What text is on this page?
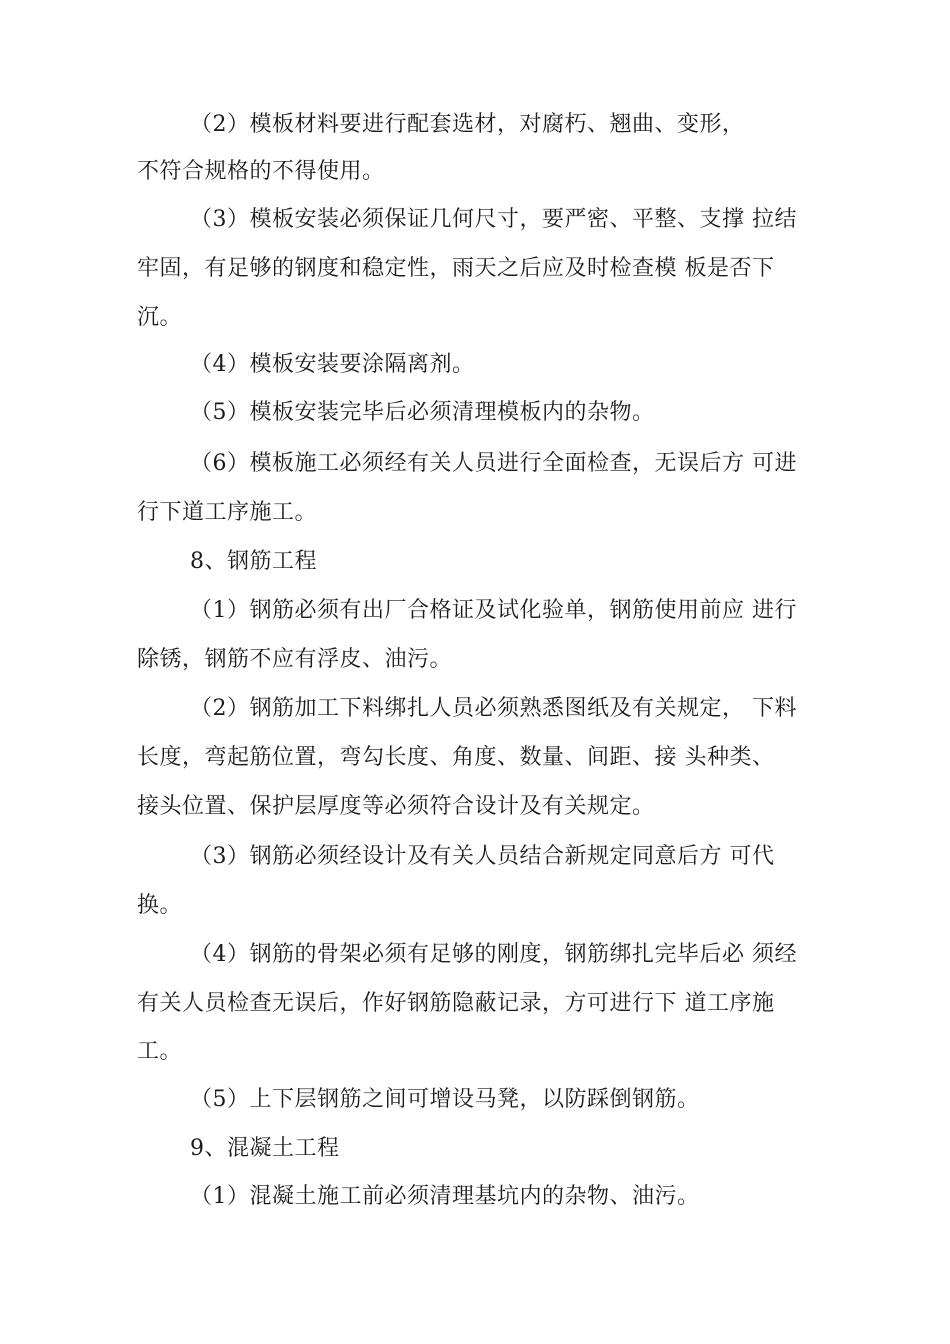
（2）模板材料要进行配套选材，对腐朽、翘曲、变形，
不符合规格的不得使用。
（3）模板安装必须保证几何尺寸，要严密、平整、支撑 拉结
牢固，有足够的钢度和稳定性，雨天之后应及时检查模 板是否下
沉。
（4）模板安装要涂隔离剂。
（5）模板安装完毕后必须清理模板内的杂物。
（6）模板施工必须经有关人员进行全面检查，无误后方 可进
行下道工序施工。
8、钢筋工程
（1）钢筋必须有出厂合格证及试化验单，钢筋使用前应 进行
除锈，钢筋不应有浮皮、油污。
（2）钢筋加工下料绑扎人员必须熟悉图纸及有关规定， 下料
长度，弯起筋位置，弯勾长度、角度、数量、间距、接 头种类、
接头位置、保护层厚度等必须符合设计及有关规定。
（3）钢筋必须经设计及有关人员结合新规定同意后方 可代
换。
（4）钢筋的骨架必须有足够的刚度，钢筋绑扎完毕后必 须经
有关人员检查无误后，作好钢筋隐蔽记录，方可进行下 道工序施
工。
（5）上下层钢筋之间可增设马凳，以防踩倒钢筋。
9、混凝土工程
（1）混凝土施工前必须清理基坑内的杂物、油污。
